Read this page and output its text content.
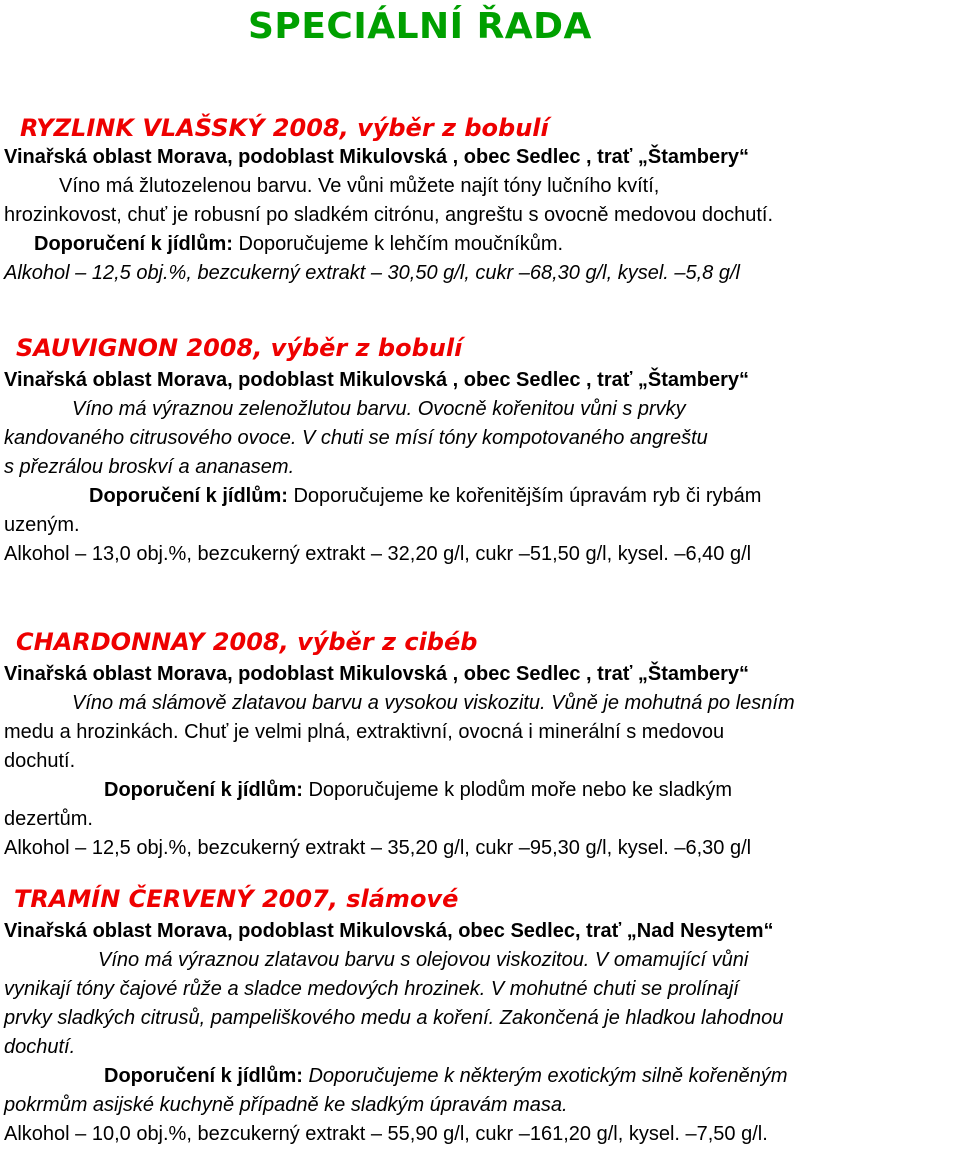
SPECIÁLNÍ ŘADA
RYZLINK VLAŠSKÝ 2008, výběr z bobulí
Vinařská oblast Morava, podoblast Mikulovská , obec Sedlec , trať „Štambery“
Víno má žlutozelenou barvu. Ve vůni můžete najít tóny lučního kvítí,
hrozinkovost, chuť je robusní po sladkém citrónu, angreštu s ovocně medovou dochutí.
Doporučení k jídlům: Doporučujeme k lehčím moučníkům.
Alkohol – 12,5 obj.%, bezcukerný extrakt – 30,50 g/l, cukr –68,30 g/l, kysel. –5,8 g/l
SAUVIGNON 2008, výběr z bobulí
Vinařská oblast Morava, podoblast Mikulovská , obec Sedlec , trať „Štambery“
Víno má výraznou zelenožlutou barvu. Ovocně kořenitou vůni s prvky
kandovaného citrusového ovoce. V chuti se mísí tóny kompotovaného angreštu
s přezrálou broskví a ananasem.
Doporučení k jídlům: Doporučujeme ke kořenitějším úpravám ryb či rybám
uzeným.
Alkohol – 13,0 obj.%, bezcukerný extrakt – 32,20 g/l, cukr –51,50 g/l, kysel. –6,40 g/l
CHARDONNAY 2008, výběr z cibéb
Vinařská oblast Morava, podoblast Mikulovská , obec Sedlec , trať „Štambery“
Víno má slámově zlatavou barvu a vysokou viskozitu. Vůně je mohutná po lesním
medu a hrozinkách. Chuť je velmi plná, extraktivní, ovocná i minerální s medovou
dochutí.
Doporučení k jídlům: Doporučujeme k plodům moře nebo ke sladkým
dezertům.
Alkohol – 12,5 obj.%, bezcukerný extrakt – 35,20 g/l, cukr –95,30 g/l, kysel. –6,30 g/l
TRAMÍN ČERVENÝ 2007, slámové
Vinařská oblast Morava, podoblast Mikulovská, obec Sedlec, trať „Nad Nesytem“
Víno má výraznou zlatavou barvu s olejovou viskozitou. V omamující vůni
vynikají tóny čajové růže a sladce medových hrozinek. V mohutné chuti se prolínají
prvky sladkých citrusů, pampeliškového medu a koření. Zakončená je hladkou lahodnou
dochutí.
Doporučení k jídlům: Doporučujeme k některým exotickým silně kořeněným
pokrmům asijské kuchyně případně ke sladkým úpravám masa.
Alkohol – 10,0 obj.%, bezcukerný extrakt – 55,90 g/l, cukr –161,20 g/l, kysel. –7,50 g/l.
